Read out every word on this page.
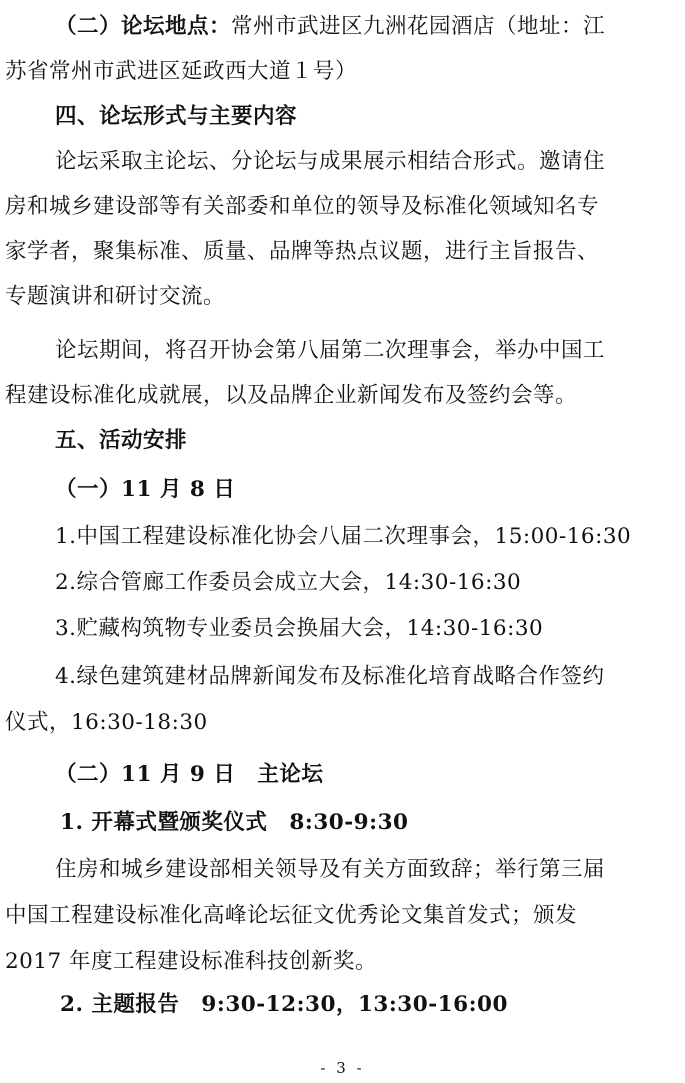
（二）论坛地点：常州市武进区九洲花园酒店（地址：江
苏省常州市武进区延政西大道１号）
四、论坛形式与主要内容
论坛采取主论坛、分论坛与成果展示相结合形式。邀请住
房和城乡建设部等有关部委和单位的领导及标准化领域知名专
家学者，聚集标准、质量、品牌等热点议题，进行主旨报告、
专题演讲和研讨交流。
论坛期间，将召开协会第八届第二次理事会，举办中国工
程建设标准化成就展，以及品牌企业新闻发布及签约会等。
五、活动安排
（一）11 月 8 日
1.中国工程建设标准化协会八届二次理事会，15:00-16:30
2.综合管廊工作委员会成立大会，14:30-16:30
3.贮藏构筑物专业委员会换届大会，14:30-16:30
4.绿色建筑建材品牌新闻发布及标准化培育战略合作签约
仪式，16:30-18:30
（二）11 月 9 日　主论坛
1. 开幕式暨颁奖仪式　8:30-9:30
住房和城乡建设部相关领导及有关方面致辞；举行第三届
中国工程建设标准化高峰论坛征文优秀论文集首发式；颁发
2017 年度工程建设标准科技创新奖。
2. 主题报告　9:30-12:30，13:30-16:00
- 3 -
